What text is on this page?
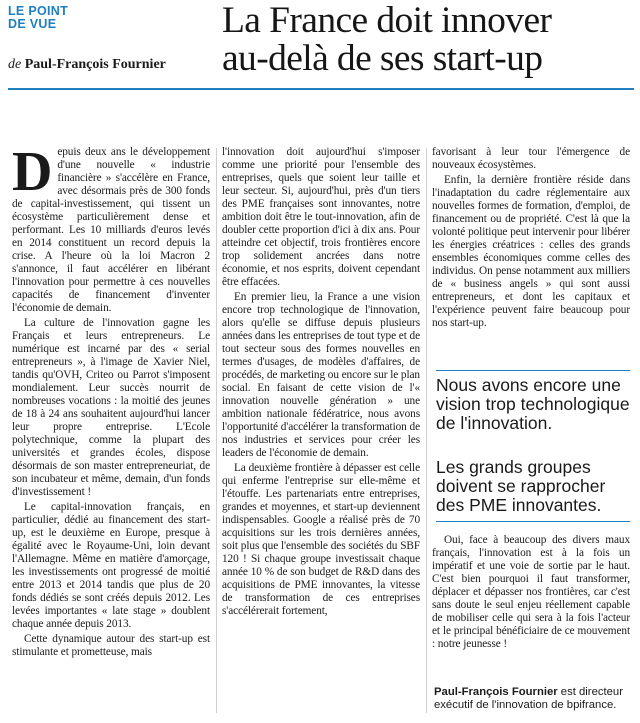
LE POINT
DE VUE
de Paul-François Fournier
La France doit innover
au-delà de ses start-up

Depuis deux ans le développement d'une nouvelle « industrie financière » s'accélère en France, avec désormais près de 300 fonds de capital-investissement, qui tissent un écosystème particulièrement dense et performant. Les 10 milliards d'euros levés en 2014 constituent un record depuis la crise. A l'heure où la loi Macron 2 s'annonce, il faut accélérer en libérant l'innovation pour permettre à ces nouvelles capacités de financement d'inventer l'économie de demain.

La culture de l'innovation gagne les Français et leurs entrepreneurs. Le numérique est incarné par des « serial entrepreneurs », à l'image de Xavier Niel, tandis qu'OVH, Criteo ou Parrot s'imposent mondialement. Leur succès nourrit de nombreuses vocations : la moitié des jeunes de 18 à 24 ans souhaitent aujourd'hui lancer leur propre entreprise. L'Ecole polytechnique, comme la plupart des universités et grandes écoles, dispose désormais de son master entrepreneuriat, de son incubateur et même, demain, d'un fonds d'investissement !

Le capital-innovation français, en particulier, dédié au financement des start-up, est le deuxième en Europe, presque à égalité avec le Royaume-Uni, loin devant l'Allemagne. Même en matière d'amorçage, les investissements ont progressé de moitié entre 2013 et 2014 tandis que plus de 20 fonds dédiés se sont créés depuis 2012. Les levées importantes « late stage » doublent chaque année depuis 2013.

Cette dynamique autour des start-up est stimulante et prometteuse, mais

l'innovation doit aujourd'hui s'imposer comme une priorité pour l'ensemble des entreprises, quels que soient leur taille et leur secteur. Si, aujourd'hui, près d'un tiers des PME françaises sont innovantes, notre ambition doit être le tout-innovation, afin de doubler cette proportion d'ici à dix ans. Pour atteindre cet objectif, trois frontières encore trop solidement ancrées dans notre économie, et nos esprits, doivent cependant être effacées.

En premier lieu, la France a une vision encore trop technologique de l'innovation, alors qu'elle se diffuse depuis plusieurs années dans les entreprises de tout type et de tout secteur sous des formes nouvelles en termes d'usages, de modèles d'affaires, de procédés, de marketing ou encore sur le plan social. En faisant de cette vision de l'« innovation nouvelle génération » une ambition nationale fédératrice, nous avons l'opportunité d'accélérer la transformation de nos industries et services pour créer les leaders de l'économie de demain.

La deuxième frontière à dépasser est celle qui enferme l'entreprise sur elle-même et l'étouffe. Les partenariats entre entreprises, grandes et moyennes, et start-up deviennent indispensables. Google a réalisé près de 70 acquisitions sur les trois dernières années, soit plus que l'ensemble des sociétés du SBF 120 ! Si chaque groupe investissait chaque année 10 % de son budget de R&D dans des acquisitions de PME innovantes, la vitesse de transformation de ces entreprises s'accélérerait fortement,

favorisant à leur tour l'émergence de nouveaux écosystèmes.

Enfin, la dernière frontière réside dans l'inadaptation du cadre réglementaire aux nouvelles formes de formation, d'emploi, de financement ou de propriété. C'est là que la volonté politique peut intervenir pour libérer les énergies créatrices : celles des grands ensembles économiques comme celles des individus. On pense notamment aux milliers de « business angels » qui sont aussi entrepreneurs, et dont les capitaux et l'expérience peuvent faire beaucoup pour nos start-up.

Nous avons encore une vision trop technologique de l'innovation.
Les grands groupes doivent se rapprocher des PME innovantes.

Oui, face à beaucoup des divers maux français, l'innovation est à la fois un impératif et une voie de sortie par le haut. C'est bien pourquoi il faut transformer, déplacer et dépasser nos frontières, car c'est sans doute le seul enjeu réellement capable de mobiliser celle qui sera à la fois l'acteur et le principal bénéficiaire de ce mouvement : notre jeunesse !

Paul-François Fournier est directeur exécutif de l'innovation de bpifrance.
